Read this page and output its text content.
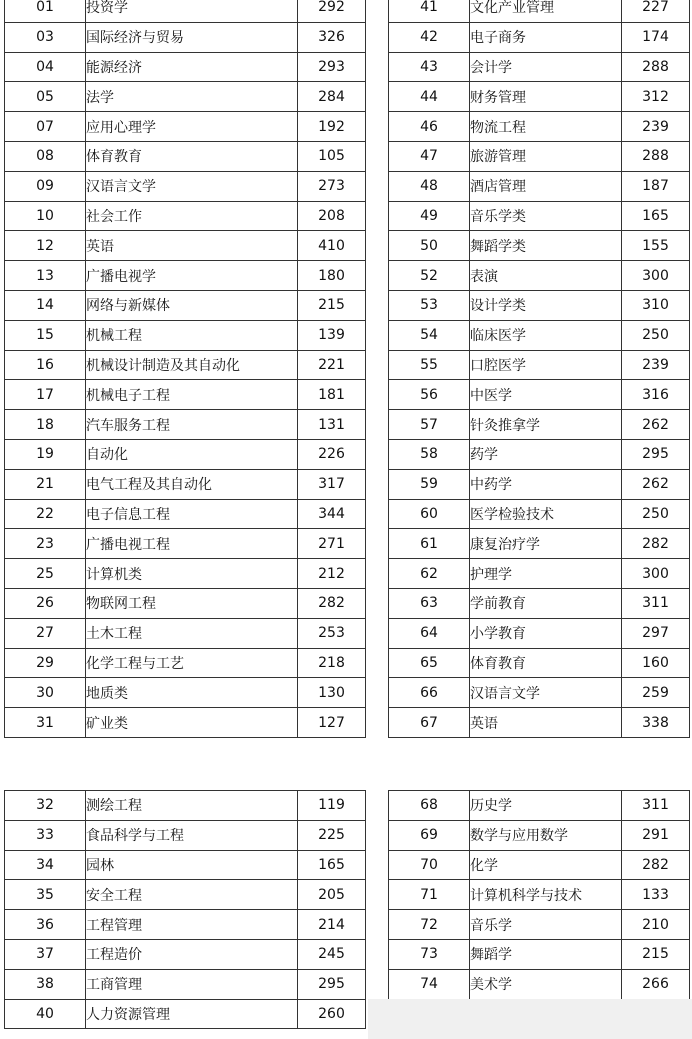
01	投资学	292
03	国际经济与贸易	326
04	能源经济	293
05	法学	284
07	应用心理学	192
08	体育教育	105
09	汉语言文学	273
10	社会工作	208
12	英语	410
13	广播电视学	180
14	网络与新媒体	215
15	机械工程	139
16	机械设计制造及其自动化	221
17	机械电子工程	181
18	汽车服务工程	131
19	自动化	226
21	电气工程及其自动化	317
22	电子信息工程	344
23	广播电视工程	271
25	计算机类	212
26	物联网工程	282
27	土木工程	253
29	化学工程与工艺	218
30	地质类	130
31	矿业类	127
41	文化产业管理	227
42	电子商务	174
43	会计学	288
44	财务管理	312
46	物流工程	239
47	旅游管理	288
48	酒店管理	187
49	音乐学类	165
50	舞蹈学类	155
52	表演	300
53	设计学类	310
54	临床医学	250
55	口腔医学	239
56	中医学	316
57	针灸推拿学	262
58	药学	295
59	中药学	262
60	医学检验技术	250
61	康复治疗学	282
62	护理学	300
63	学前教育	311
64	小学教育	297
65	体育教育	160
66	汉语言文学	259
67	英语	338
32	测绘工程	119
33	食品科学与工程	225
34	园林	165
35	安全工程	205
36	工程管理	214
37	工程造价	245
38	工商管理	295
40	人力资源管理	260
68	历史学	311
69	数学与应用数学	291
70	化学	282
71	计算机科学与技术	133
72	音乐学	210
73	舞蹈学	215
74	美术学	266
